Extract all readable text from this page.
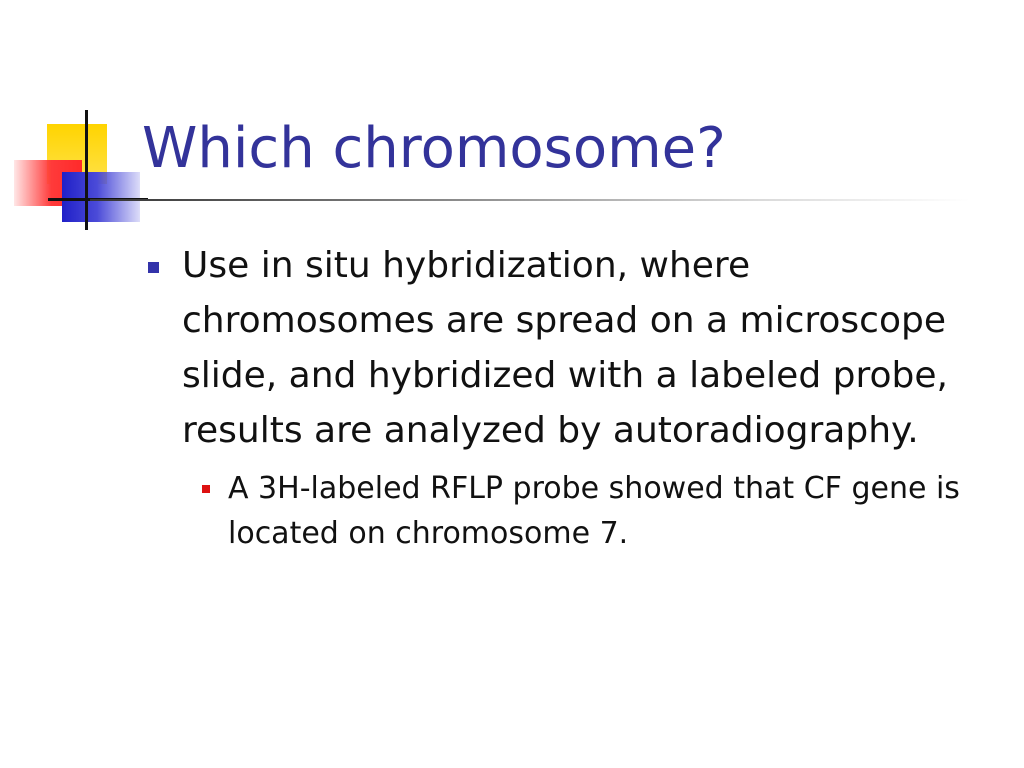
Which chromosome?
Use in situ hybridization, where chromosomes are spread on a microscope slide, and hybridized with a labeled probe, results are analyzed by autoradiography.
A 3H-labeled RFLP probe showed that CF gene is located on chromosome 7.
